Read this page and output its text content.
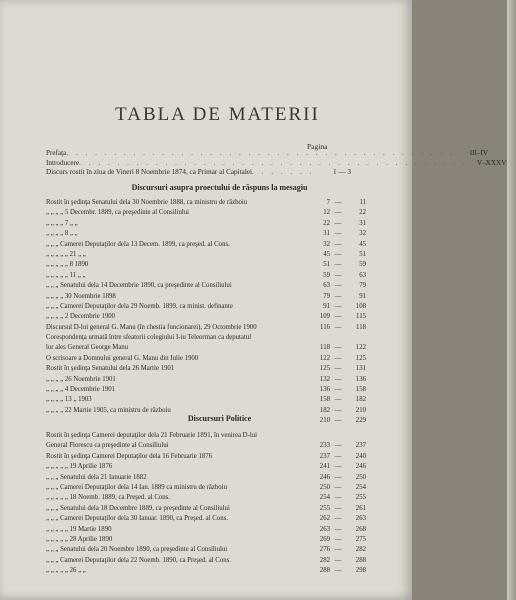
TABLA DE MATERII
Pagina
Prefaţa . . . . . . . . . . . . . . . . . . . . . . . . . . . . . . . . . . . . . . . . .	III–IV
Introducere . . . . . . . . . . . . . . . . . . . . . . . . . . . . . . . . . . . . . . . . .	V–XXXV
Discurs rostit în ziua de Vineri 8 Noembrie 1874, ca Primar al Capitalei . . . . . . .	1 — 3
Discursuri asupra proectului de răspuns la mesagiu
Rostit în şedinţa Senatului dela 30 Noembrie 1888, ca ministru de războiu	7 —	11
„ „ „ „ 5 Decembr. 1889, ca preşedinte al Consiliului	12 —	22
„ „ „ „ 7 „ „	22 —	31
„ „ „ „ 8 „ „	31 —	32
„ „ „ Camerei Deputaţilor dela 13 Decem. 1899, ca preşed. al Cons.	32 —	45
„ „ „ „ „ 21 „ „	45 —	51
„ „ „ „ „ 8 1890	51 —	59
„ „ „ „ „ 11 „ „	59 —	63
„ „ „ Senatului dela 14 Decembrie 1890, ca preşedinte al Consiliului	63 —	79
„ „ „ „ 30 Noembrie 1898	79 —	91
„ „ „ Camerei Deputaţilor dela 29 Noemb. 1899, ca minist. definante	91 —	108
„ „ „ „ 2 Decembrie 1900	109 —	115
Discursul D-lui general G. Manu (în chestia funcionarei), 29 Octombrie 1900	116 —	118
Corespondenţa urmată între sfeatorii colegiului I-iu Teleorman ca deputatul
lor ales General George Manu	118 —	122
O scrisoare a Domnului general G. Manu din Iulie 1900	122 —	125
Rostit în şedinţa Senatului dela 26 Martie 1901	125 —	131
„ „ „ „ 26 Noembrie 1901	132 —	136
„ „ „ „ 4 Decembrie 1901	136 —	158
„ „ „ „ 13 „ 1903	158 —	182
„ „ „ „ 22 Martie 1905, ca ministru de războiu	182 —	210
210 —	229
Discursuri Politice
Rostit în şedinţa Camerei deputaţilor dela 21 Februarie 1891, în venirea D-lui
General Florescu ca preşedinte al Consiliului	233 —	237
Rostit în şedinţa Camerei Deputaţilor dela 16 Februarie 1876	237 —	240
„ „ „ „ „ 19 Aprilie 1876	241 —	246
„ „ „ Senatului dela 21 Ianuarie 1882	246 —	250
„ „ „ Camerei Deputaţilor dela 14 Ian. 1889 ca ministru de războiu	250 —	254
„ „ „ „ „ 18 Noemb. 1889, ca Preşed. al Cons.	254 —	255
„ „ „ Senatului dela 18 Decembre 1889, ca preşedinte al Consiliului	255 —	261
„ „ „ Camerei Deputaţilor dela 30 Ianuar. 1890, ca Preşed. al Cons.	262 —	263
„ „ „ „ „ 19 Martie 1890	263 —	268
„ „ „ „ „ 28 Aprilie 1890	269 —	275
„ „ „ Senatului dela 20 Noembre 1890, ca preşedinte al Consiliului	276 —	282
„ „ „ Camerei Deputaţilor dela 22 Noemb. 1890, ca Preşed. al Cons.	282 —	288
„ „ „ „ „ 26 „ „	288 —	298
